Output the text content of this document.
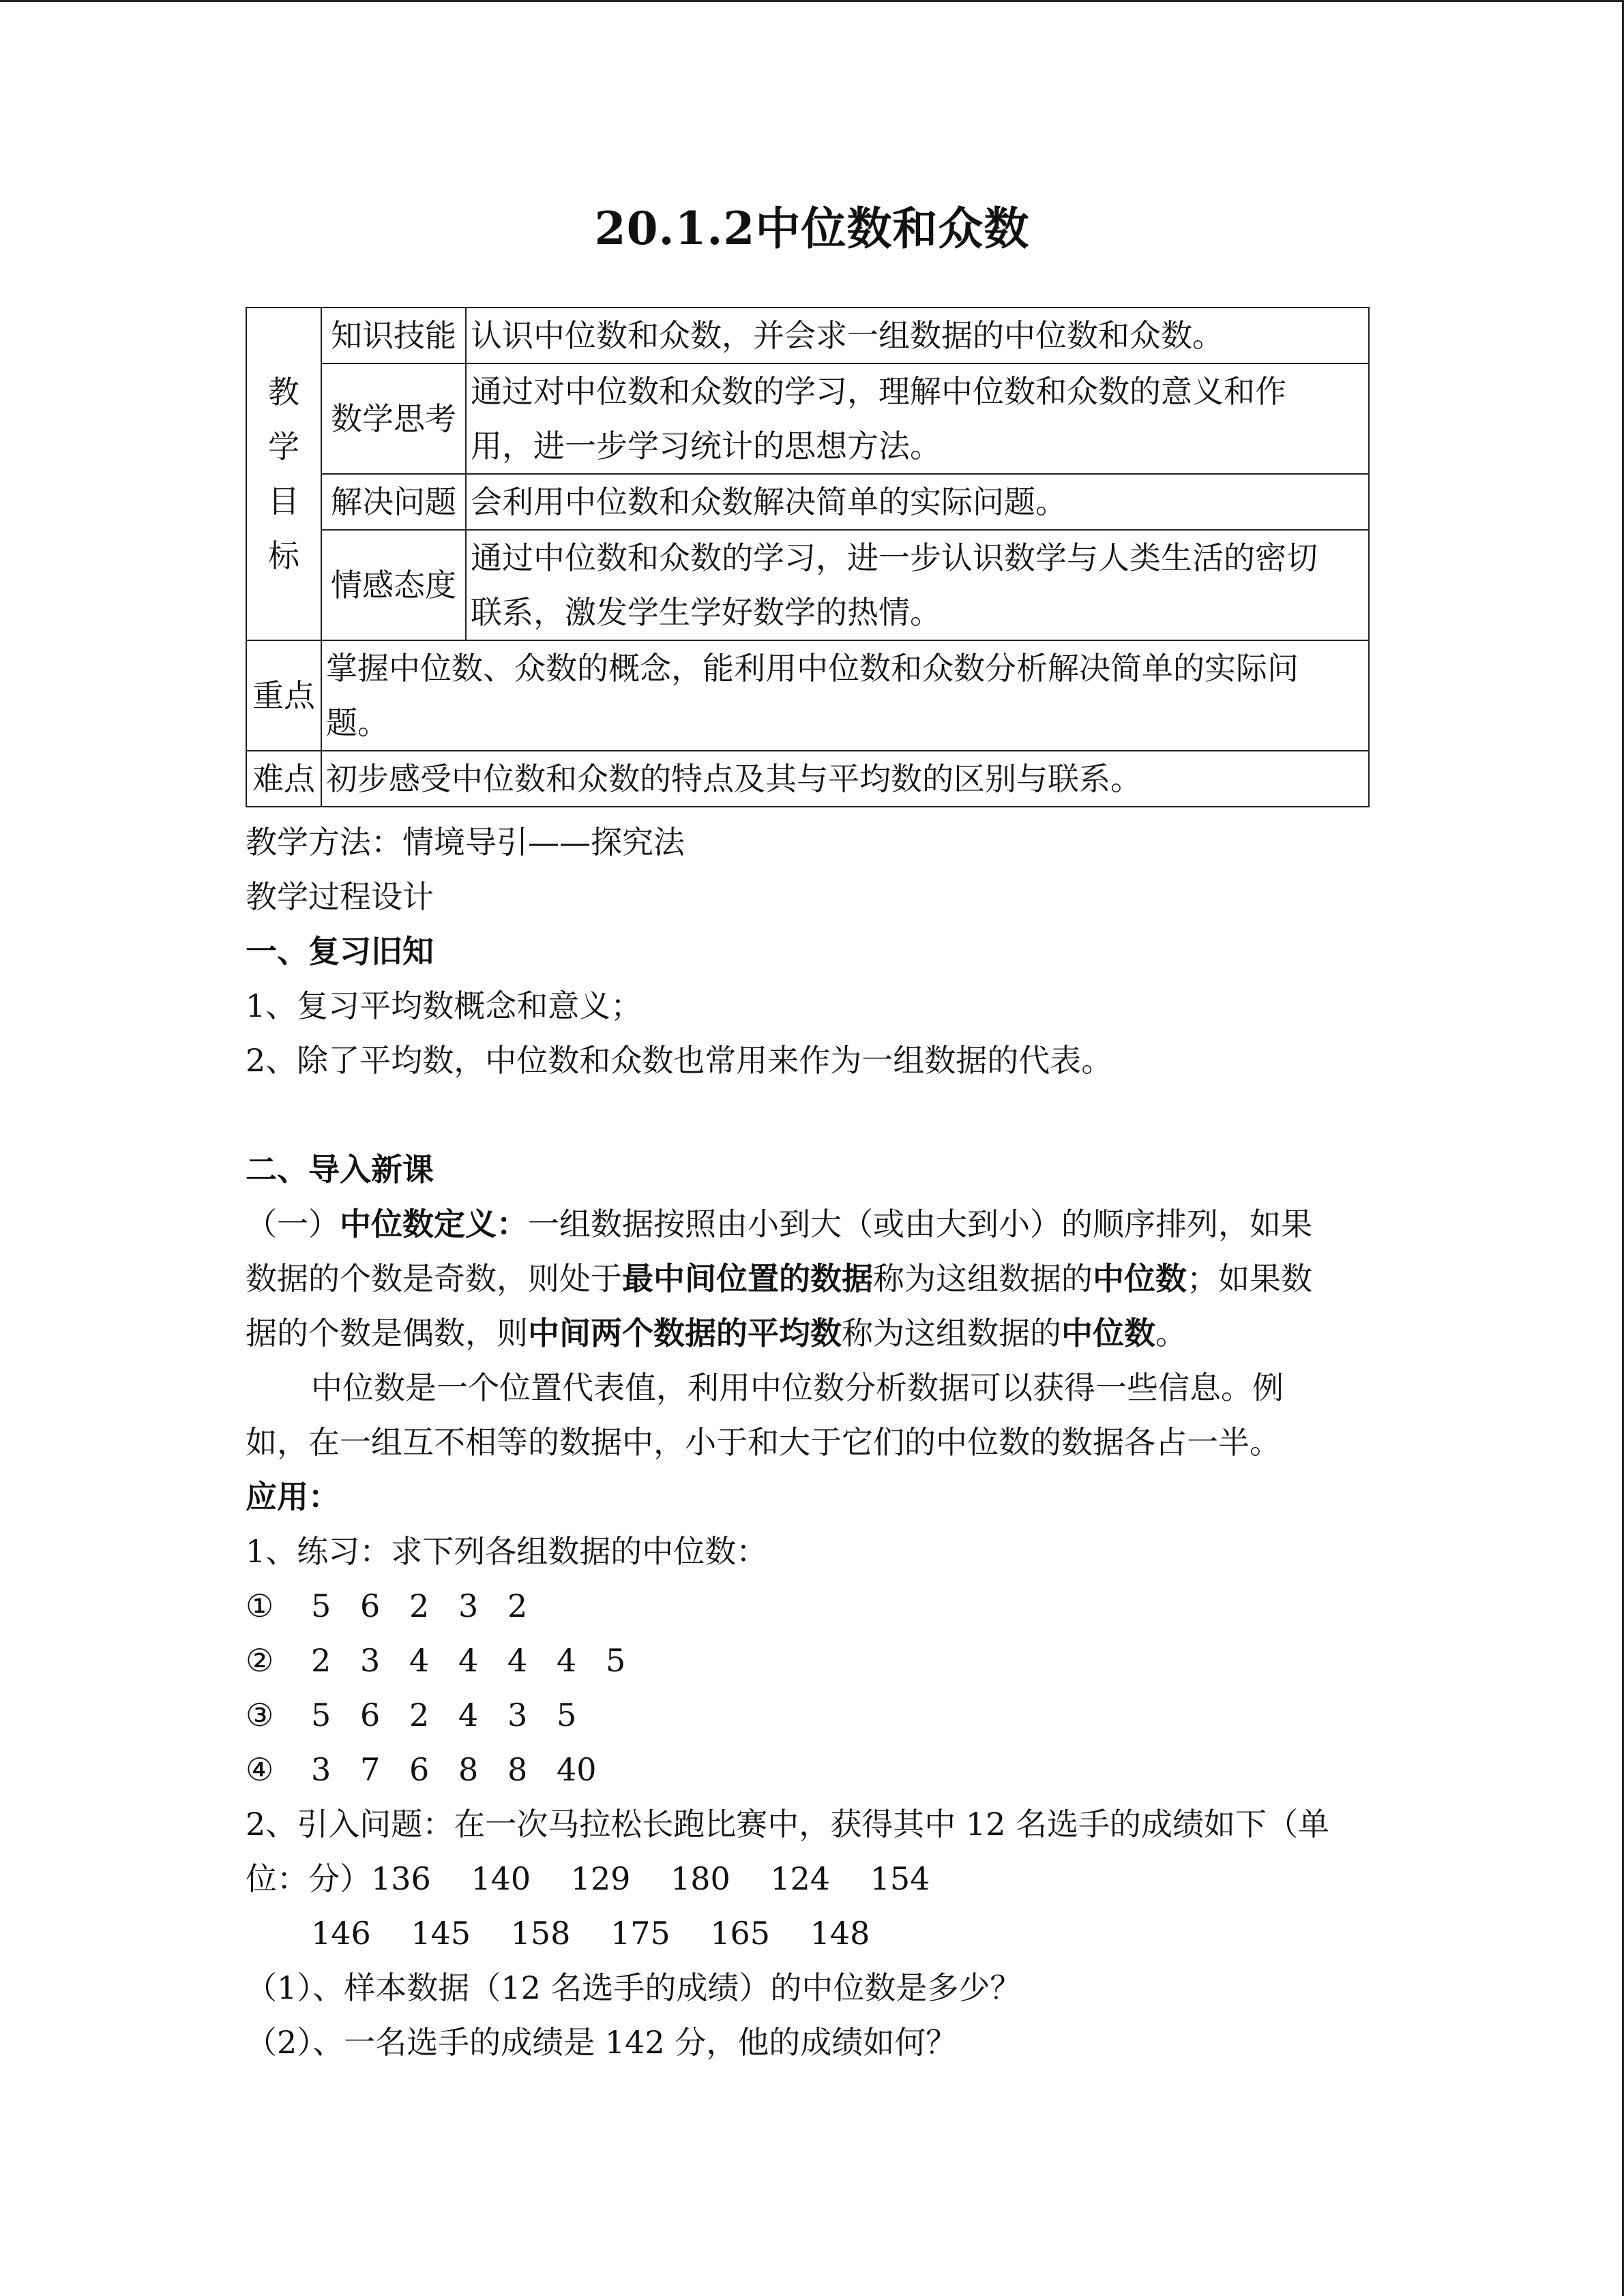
20.1.2中位数和众数
教
学
目
标	知识技能	认识中位数和众数，并会求一组数据的中位数和众数。
	数学思考	通过对中位数和众数的学习，理解中位数和众数的意义和作
用，进一步学习统计的思想方法。

	解决问题	会利用中位数和众数解决简单的实际问题。
	情感态度	通过中位数和众数的学习，进一步认识数学与人类生活的密切
联系，激发学生学好数学的热情。

重点	掌握中位数、众数的概念，能利用中位数和众数分析解决简单的实际问
题。	

难点	初步感受中位数和众数的特点及其与平均数的区别与联系。	
教学方法：情境导引——探究法
教学过程设计
一、复习旧知
1、复习平均数概念和意义；
2、除了平均数，中位数和众数也常用来作为一组数据的代表。
二、导入新课
（一）中位数定义：一组数据按照由小到大（或由大到小）的顺序排列，如果
数据的个数是奇数，则处于最中间位置的数据称为这组数据的中位数；如果数
据的个数是偶数，则中间两个数据的平均数称为这组数据的中位数。
中位数是一个位置代表值，利用中位数分析数据可以获得一些信息。例
如，在一组互不相等的数据中，小于和大于它们的中位数的数据各占一半。
应用：
1、练习：求下列各组数据的中位数：
① 5 6 2 3 2
② 2 3 4 4 4 4 5
③ 5 6 2 4 3 5
④ 3 7 6 8 8 40
2、引入问题：在一次马拉松长跑比赛中，获得其中 12 名选手的成绩如下（单
位：分）136 140 129 180 124 154
146 145 158 175 165 148
（1）、样本数据（12 名选手的成绩）的中位数是多少？
（2）、一名选手的成绩是 142 分，他的成绩如何？
